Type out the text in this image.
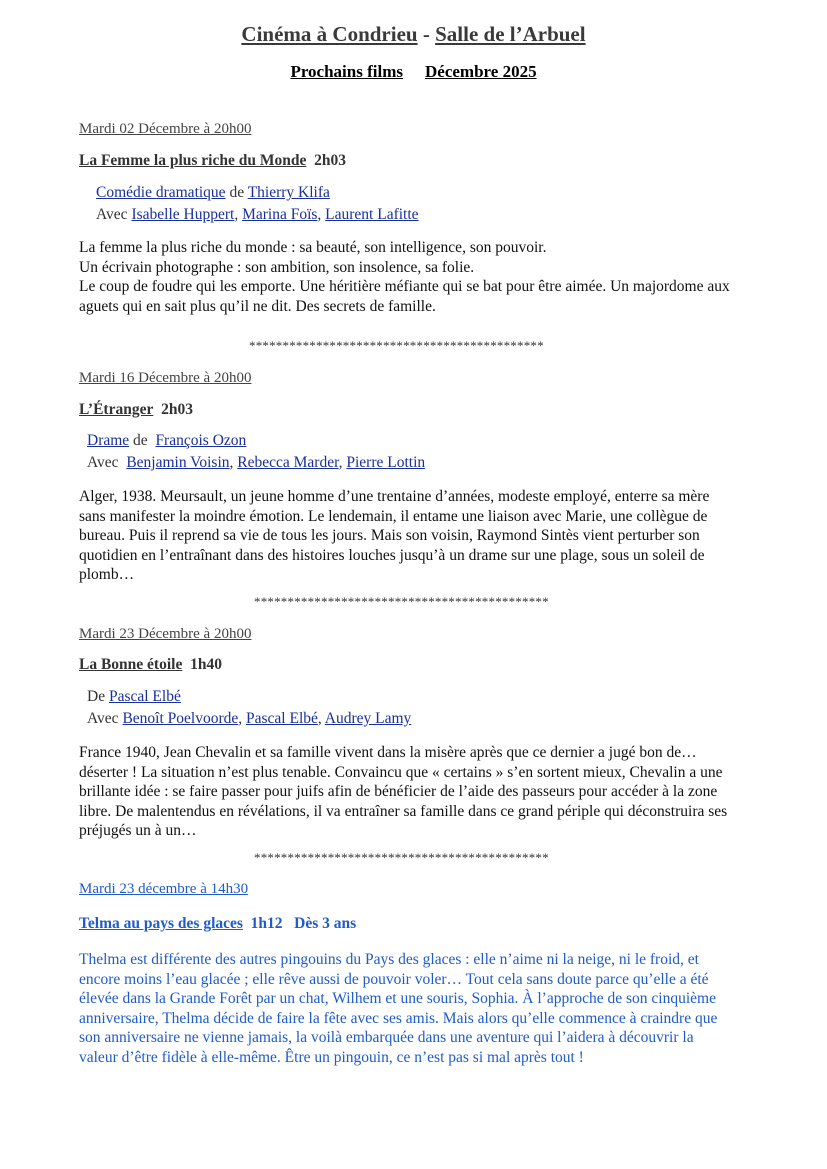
Cinéma à Condrieu - Salle de l’Arbuel
Prochains films Décembre 2025
Mardi 02 Décembre à 20h00
La Femme la plus riche du Monde 2h03
Comédie dramatique de Thierry Klifa
Avec Isabelle Huppert, Marina Foïs, Laurent Lafitte
La femme la plus riche du monde : sa beauté, son intelligence, son pouvoir.
Un écrivain photographe : son ambition, son insolence, sa folie.
Le coup de foudre qui les emporte. Une héritière méfiante qui se bat pour être aimée. Un majordome aux
aguets qui en sait plus qu’il ne dit. Des secrets de famille.
********************************************
Mardi 16 Décembre à 20h00
L’Étranger 2h03
Drame de François Ozon
Avec Benjamin Voisin, Rebecca Marder, Pierre Lottin
Alger, 1938. Meursault, un jeune homme d’une trentaine d’années, modeste employé, enterre sa mère
sans manifester la moindre émotion. Le lendemain, il entame une liaison avec Marie, une collègue de
bureau. Puis il reprend sa vie de tous les jours. Mais son voisin, Raymond Sintès vient perturber son
quotidien en l’entraînant dans des histoires louches jusqu’à un drame sur une plage, sous un soleil de
plomb…
********************************************
Mardi 23 Décembre à 20h00
La Bonne étoile 1h40
De Pascal Elbé
Avec Benoît Poelvoorde, Pascal Elbé, Audrey Lamy
France 1940, Jean Chevalin et sa famille vivent dans la misère après que ce dernier a jugé bon de…
déserter ! La situation n’est plus tenable. Convaincu que « certains » s’en sortent mieux, Chevalin a une
brillante idée : se faire passer pour juifs afin de bénéficier de l’aide des passeurs pour accéder à la zone
libre. De malentendus en révélations, il va entraîner sa famille dans ce grand périple qui déconstruira ses
préjugés un à un…
********************************************
Mardi 23 décembre à 14h30
Telma au pays des glaces 1h12 Dès 3 ans
Thelma est différente des autres pingouins du Pays des glaces : elle n’aime ni la neige, ni le froid, et
encore moins l’eau glacée ; elle rêve aussi de pouvoir voler… Tout cela sans doute parce qu’elle a été
élevée dans la Grande Forêt par un chat, Wilhem et une souris, Sophia. À l’approche de son cinquième
anniversaire, Thelma décide de faire la fête avec ses amis. Mais alors qu’elle commence à craindre que
son anniversaire ne vienne jamais, la voilà embarquée dans une aventure qui l’aidera à découvrir la
valeur d’être fidèle à elle-même. Être un pingouin, ce n’est pas si mal après tout !
